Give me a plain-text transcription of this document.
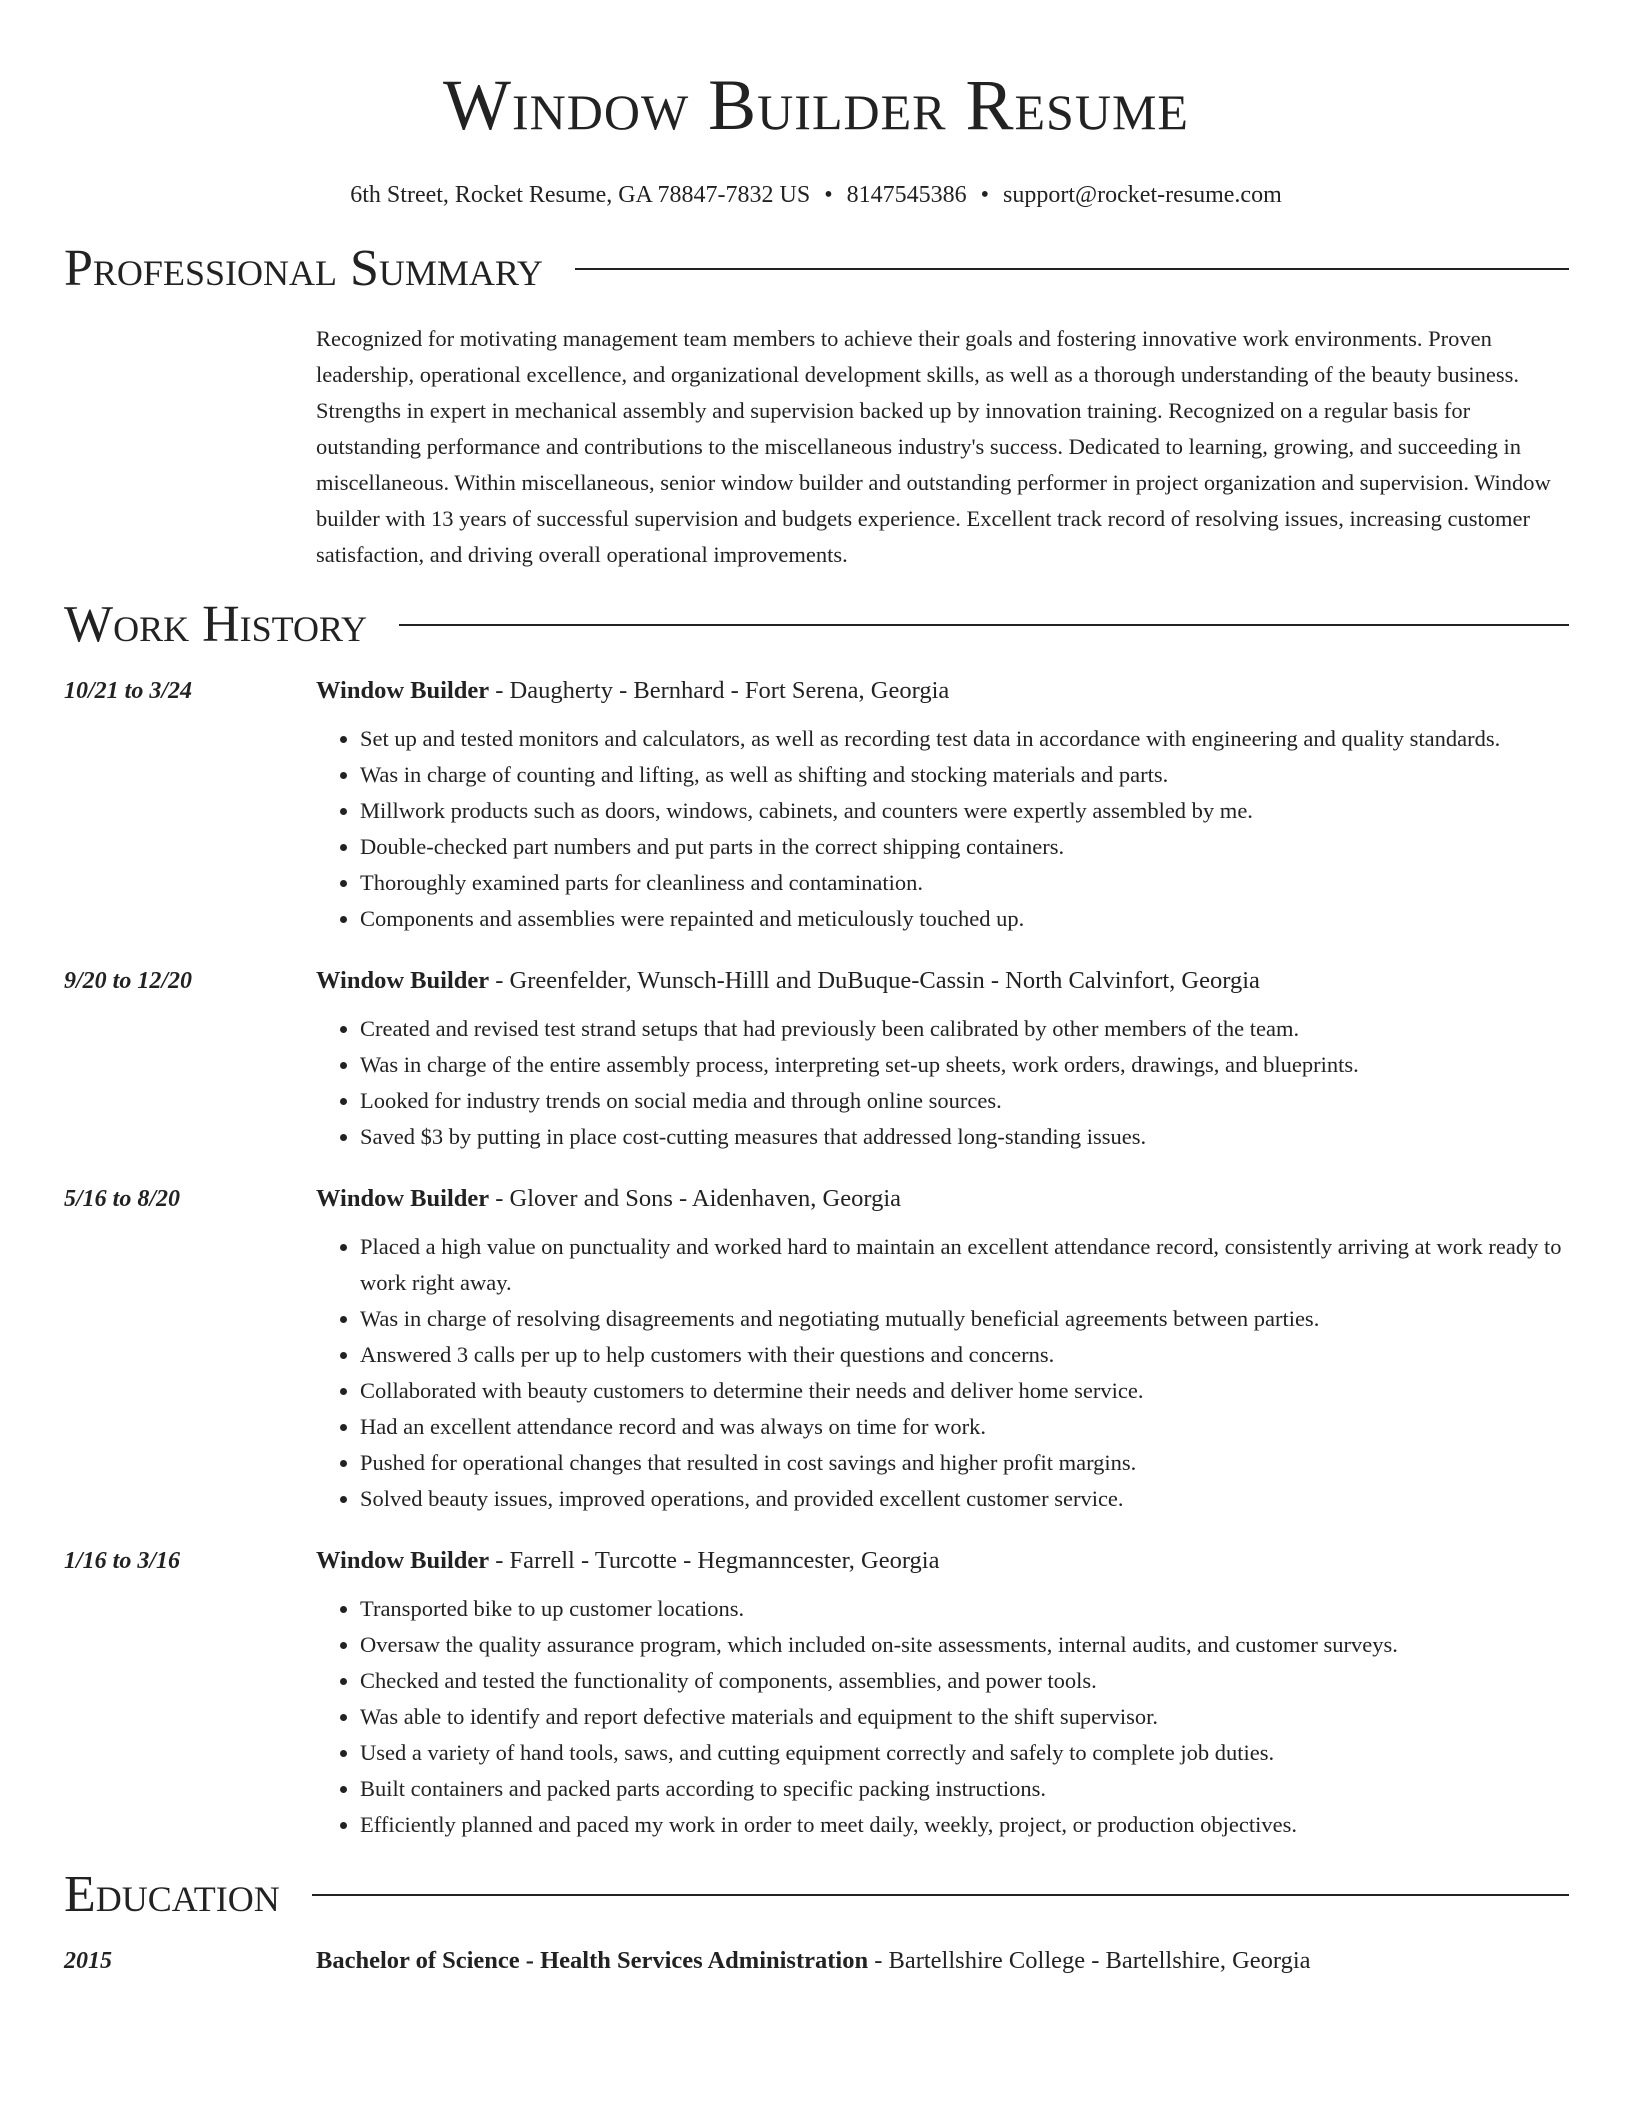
Window Builder Resume
6th Street, Rocket Resume, GA 78847-7832 US • 8147545386 • support@rocket-resume.com
Professional Summary
Recognized for motivating management team members to achieve their goals and fostering innovative work environments. Proven leadership, operational excellence, and organizational development skills, as well as a thorough understanding of the beauty business. Strengths in expert in mechanical assembly and supervision backed up by innovation training. Recognized on a regular basis for outstanding performance and contributions to the miscellaneous industry's success. Dedicated to learning, growing, and succeeding in miscellaneous. Within miscellaneous, senior window builder and outstanding performer in project organization and supervision. Window builder with 13 years of successful supervision and budgets experience. Excellent track record of resolving issues, increasing customer satisfaction, and driving overall operational improvements.
Work History
10/21 to 3/24	Window Builder - Daugherty - Bernhard - Fort Serena, Georgia
• Set up and tested monitors and calculators, as well as recording test data in accordance with engineering and quality standards.
• Was in charge of counting and lifting, as well as shifting and stocking materials and parts.
• Millwork products such as doors, windows, cabinets, and counters were expertly assembled by me.
• Double-checked part numbers and put parts in the correct shipping containers.
• Thoroughly examined parts for cleanliness and contamination.
• Components and assemblies were repainted and meticulously touched up.
9/20 to 12/20	Window Builder - Greenfelder, Wunsch-Hilll and DuBuque-Cassin - North Calvinfort, Georgia
• Created and revised test strand setups that had previously been calibrated by other members of the team.
• Was in charge of the entire assembly process, interpreting set-up sheets, work orders, drawings, and blueprints.
• Looked for industry trends on social media and through online sources.
• Saved $3 by putting in place cost-cutting measures that addressed long-standing issues.
5/16 to 8/20	Window Builder - Glover and Sons - Aidenhaven, Georgia
• Placed a high value on punctuality and worked hard to maintain an excellent attendance record, consistently arriving at work ready to work right away.
• Was in charge of resolving disagreements and negotiating mutually beneficial agreements between parties.
• Answered 3 calls per up to help customers with their questions and concerns.
• Collaborated with beauty customers to determine their needs and deliver home service.
• Had an excellent attendance record and was always on time for work.
• Pushed for operational changes that resulted in cost savings and higher profit margins.
• Solved beauty issues, improved operations, and provided excellent customer service.
1/16 to 3/16	Window Builder - Farrell - Turcotte - Hegmanncester, Georgia
• Transported bike to up customer locations.
• Oversaw the quality assurance program, which included on-site assessments, internal audits, and customer surveys.
• Checked and tested the functionality of components, assemblies, and power tools.
• Was able to identify and report defective materials and equipment to the shift supervisor.
• Used a variety of hand tools, saws, and cutting equipment correctly and safely to complete job duties.
• Built containers and packed parts according to specific packing instructions.
• Efficiently planned and paced my work in order to meet daily, weekly, project, or production objectives.
Education
2015	Bachelor of Science - Health Services Administration - Bartellshire College - Bartellshire, Georgia
